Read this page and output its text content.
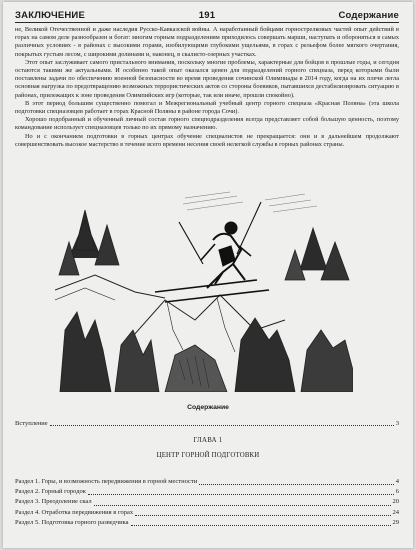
ЗАКЛЮЧЕНИЕ	191	Содержание

не, Великой Отечественной и даже наследия Русско-Кавказской войны. А наработанный бойцами горнострелковых частей опыт действий в горах на самом деле разнообразен и богат: многим горным подразделениям приходилось совершать марши, наступать и обороняться в самых различных условиях - в районах с высокими горами, изобилующими глубокими ущельями, в горах с рельефом более мягкого очертания, покрытых густым лесом, с широкими долинами и, наконец, в скалисто-озерных участках.

Этот опыт заслуживает самого пристального внимания, поскольку многие проблемы, характерные для бойцов в прошлые годы, и сегодня остаются такими же актуальными. И особенно такой опыт оказался ценен для подразделений горного спецназа, перед которыми были поставлены задачи по обеспечению военной безопасности во время проведения сочинской Олимпиады в 2014 году, когда на их плечи легла основная нагрузка по предотвращению возможных террористических актов со стороны боевиков, пытавшихся дестабилизировать ситуацию в районах, прилежащих к зоне проведения Олимпийских игр (которые, так или иначе, прошли спокойно).

В этот период большим существенно помогал и Межрегиональный учебный центр горного спецназа «Красная Поляна» (эта школа подготовки спецназовцев работает в горах Красной Поляны в районе города Сочи).

Хорошо подобранный и обученный личный состав горного спецподразделения всегда представляет собой большую ценность, поэтому командование использует спецназовцев только по их прямому назначению.

Но и с окончанием подготовки в горных центрах обучение специалистов не прекращается: они и в дальнейшем продолжают совершенствовать высокое мастерство в течение всего времени несения своей нелегкой службы в горных районах страны.

Содержание
Вступление	3
ГЛАВА 1
ЦЕНТР ГОРНОЙ ПОДГОТОВКИ
Раздел 1. Горы, и возможность передвижения в горной местности	4
Раздел 2. Горный городок	6
Раздел 3. Преодоление скал	20
Раздел 4. Отработка передвижения в горах	24
Раздел 5. Подготовка горного разведчика	29
